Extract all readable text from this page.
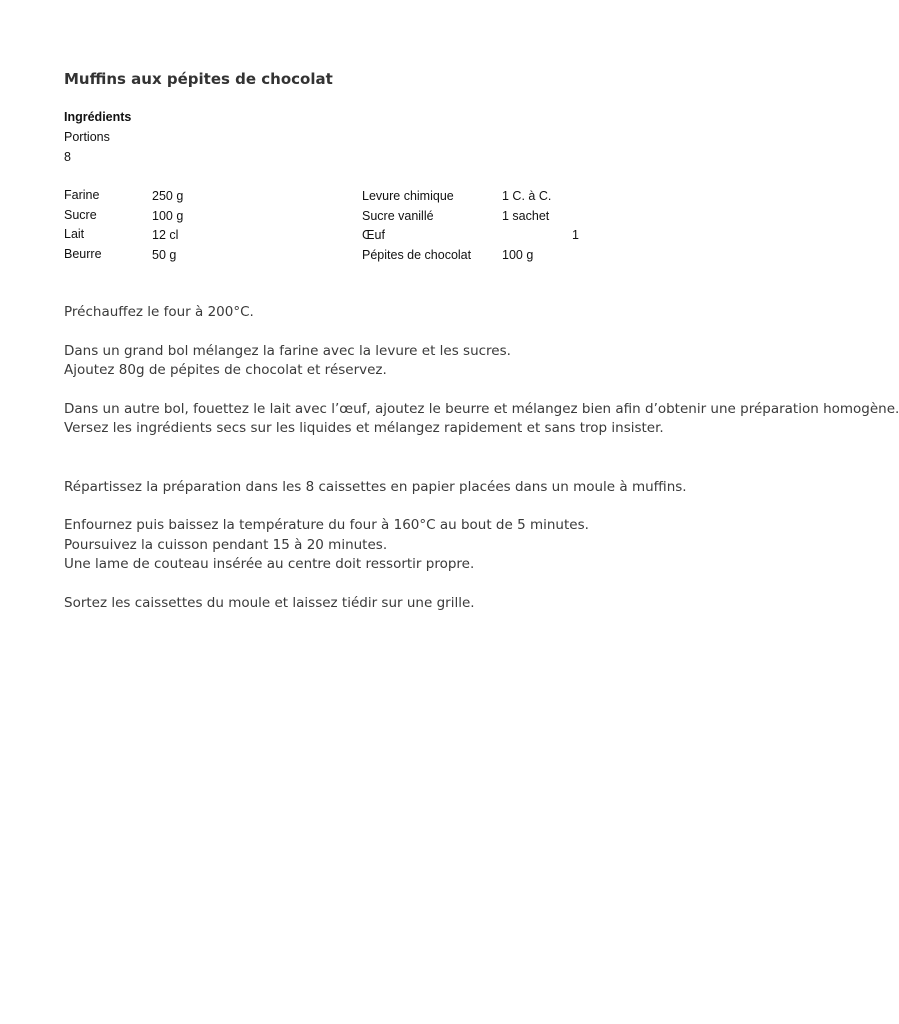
Muffins aux pépites de chocolat
Ingrédients
Portions
8
Farine	250 g	Levure chimique	1 C. à C.
Sucre	100 g	Sucre vanillé	1 sachet
Lait	12 cl	Œuf	1
Beurre	50 g	Pépites de chocolat 100 g
Préchauffez le four à 200°C.
Dans un grand bol mélangez la farine avec la levure et les sucres.
Ajoutez 80g de pépites de chocolat et réservez.
Dans un autre bol, fouettez le lait avec l’œuf, ajoutez le beurre et mélangez bien afin d’obtenir une préparation homogène.
Versez les ingrédients secs sur les liquides et mélangez rapidement et sans trop insister.
Répartissez la préparation dans les 8 caissettes en papier placées dans un moule à muffins.
Enfournez puis baissez la température du four à 160°C au bout de 5 minutes.
Poursuivez la cuisson pendant 15 à 20 minutes.
Une lame de couteau insérée au centre doit ressortir propre.
Sortez les caissettes du moule et laissez tiédir sur une grille.
